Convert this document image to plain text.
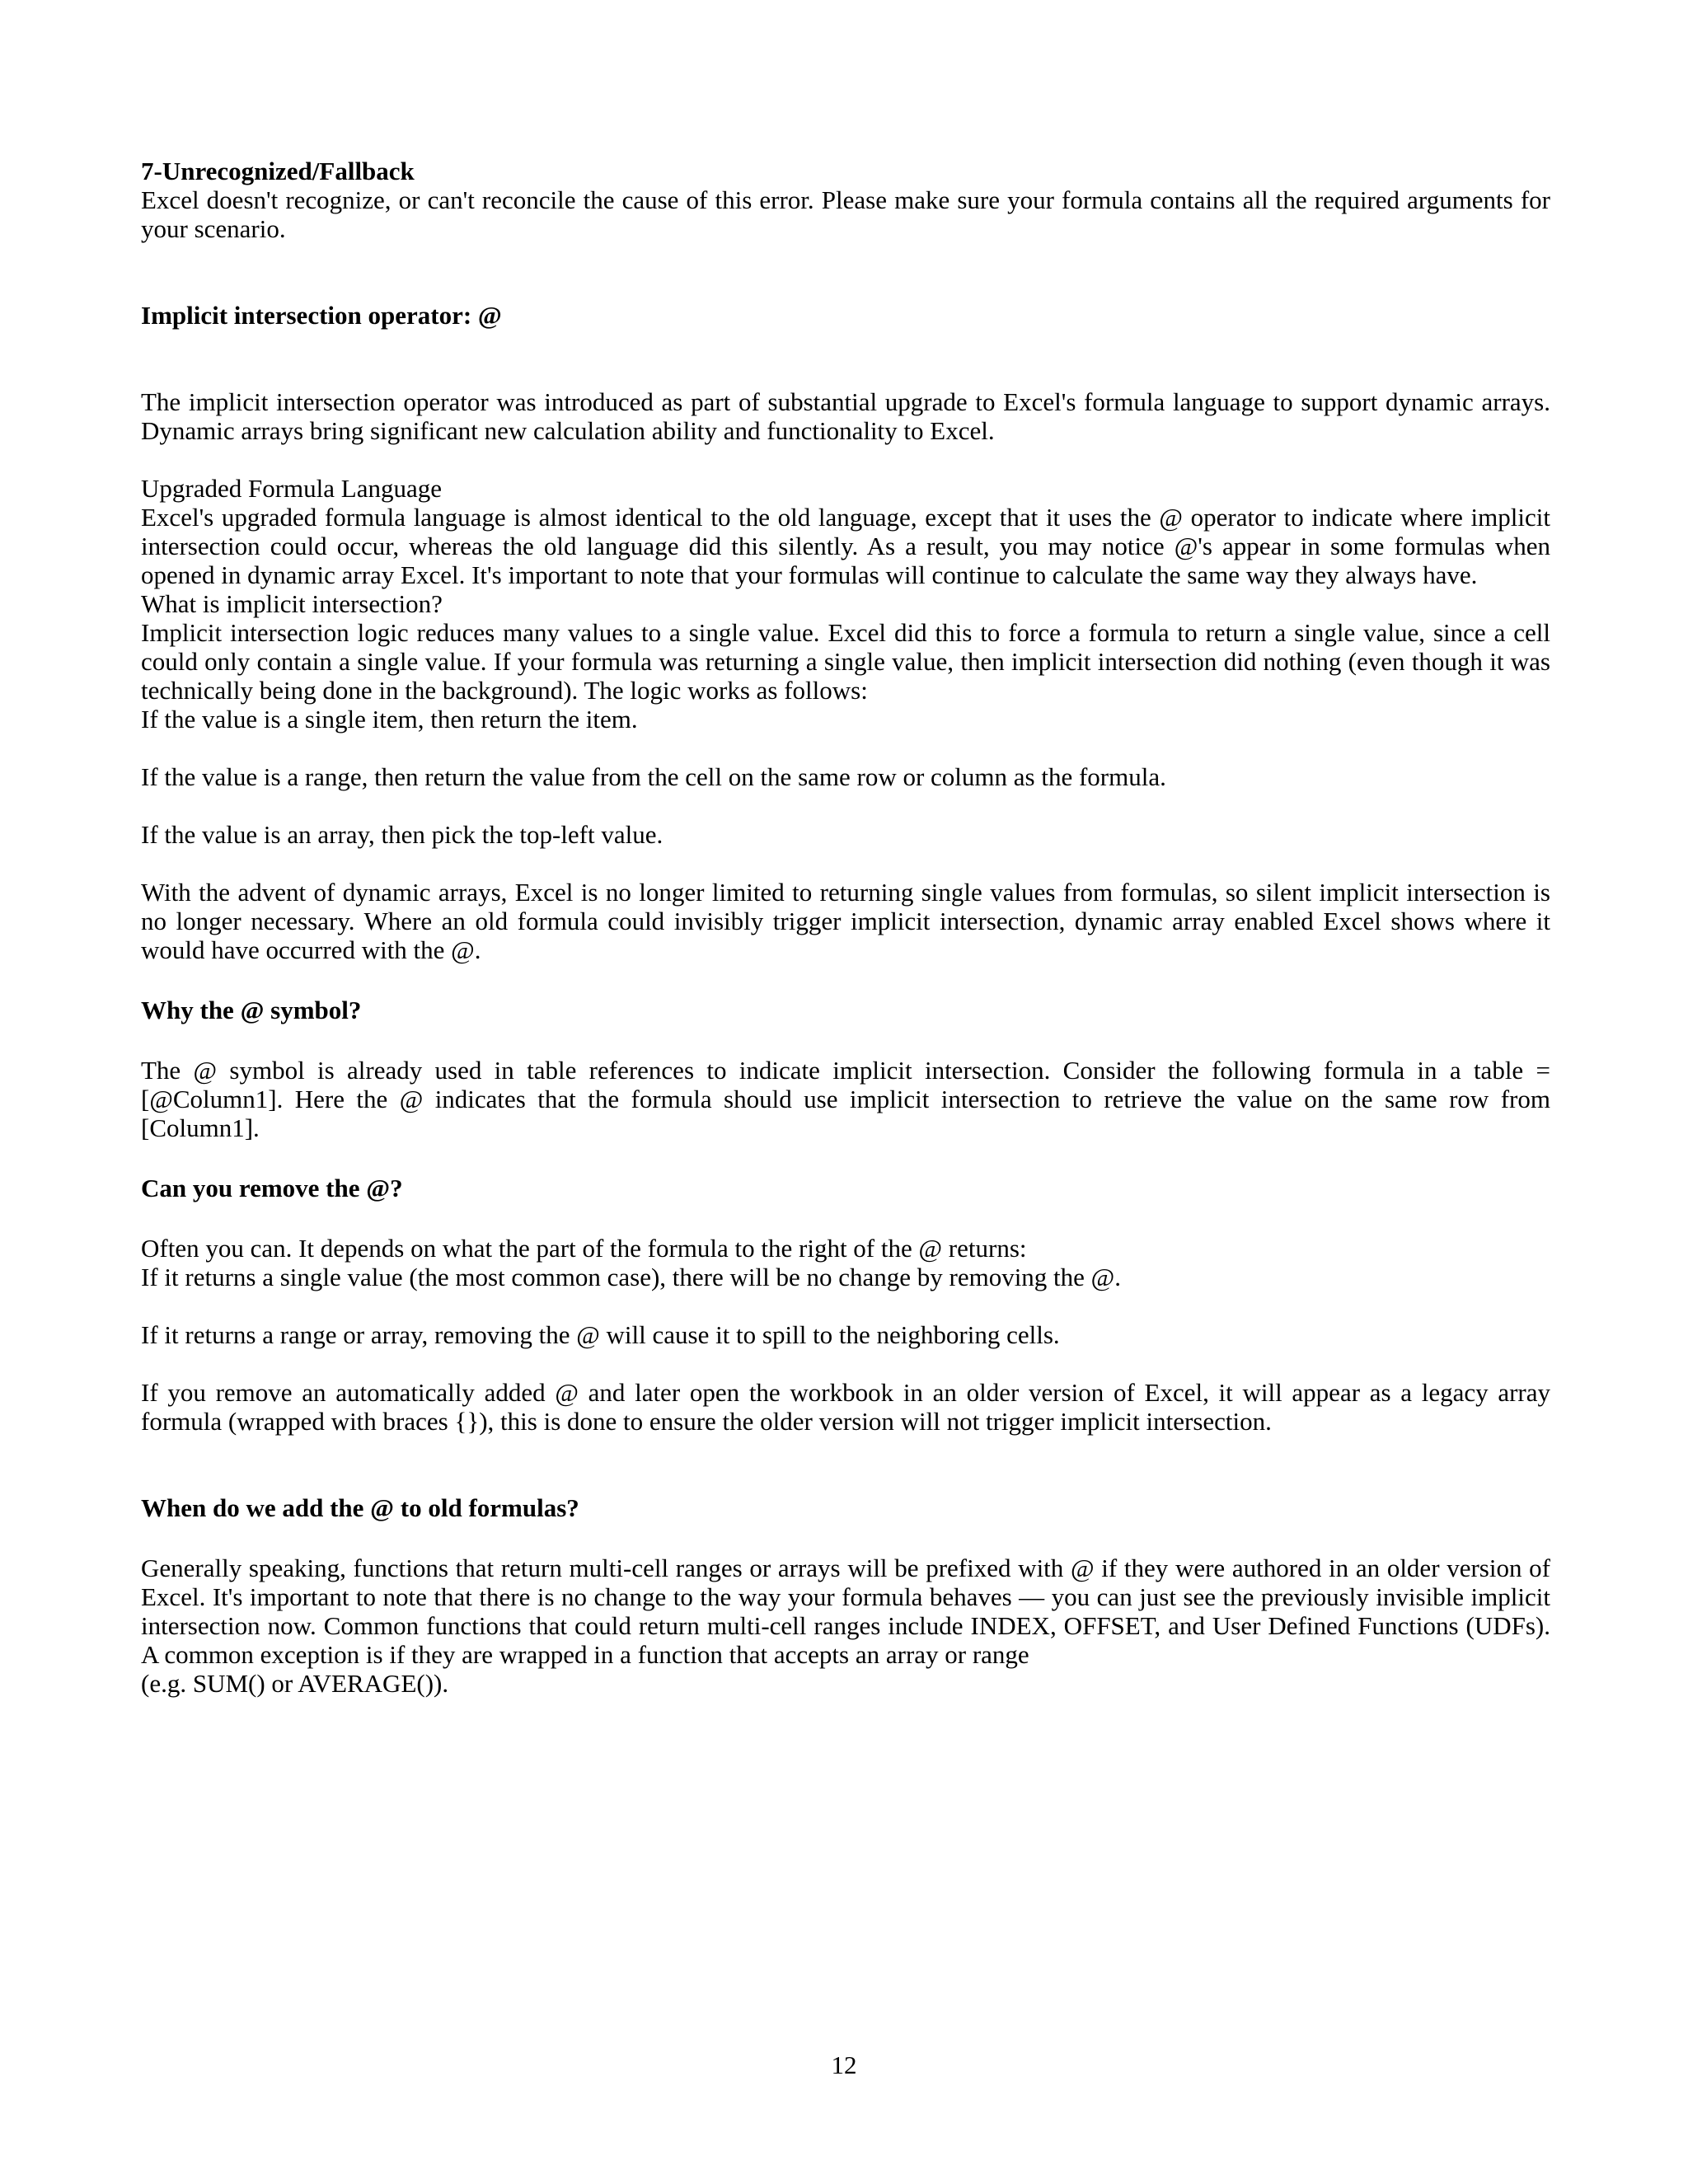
7-Unrecognized/Fallback

Excel doesn't recognize, or can't reconcile the cause of this error. Please make sure your formula contains all the required arguments for your scenario.

Implicit intersection operator: @

The implicit intersection operator was introduced as part of substantial upgrade to Excel's formula language to support dynamic arrays. Dynamic arrays bring significant new calculation ability and functionality to Excel.

Upgraded Formula Language

Excel's upgraded formula language is almost identical to the old language, except that it uses the @ operator to indicate where implicit intersection could occur, whereas the old language did this silently. As a result, you may notice @'s appear in some formulas when opened in dynamic array Excel. It's important to note that your formulas will continue to calculate the same way they always have.

What is implicit intersection?

Implicit intersection logic reduces many values to a single value. Excel did this to force a formula to return a single value, since a cell could only contain a single value. If your formula was returning a single value, then implicit intersection did nothing (even though it was technically being done in the background). The logic works as follows:

If the value is a single item, then return the item.

If the value is a range, then return the value from the cell on the same row or column as the formula.

If the value is an array, then pick the top-left value.

With the advent of dynamic arrays, Excel is no longer limited to returning single values from formulas, so silent implicit intersection is no longer necessary. Where an old formula could invisibly trigger implicit intersection, dynamic array enabled Excel shows where it would have occurred with the @.

Why the @ symbol?

The @ symbol is already used in table references to indicate implicit intersection. Consider the following formula in a table =[@Column1]. Here the @ indicates that the formula should use implicit intersection to retrieve the value on the same row from [Column1].

Can you remove the @?

Often you can. It depends on what the part of the formula to the right of the @ returns:

If it returns a single value (the most common case), there will be no change by removing the @.

If it returns a range or array, removing the @ will cause it to spill to the neighboring cells.

If you remove an automatically added @ and later open the workbook in an older version of Excel, it will appear as a legacy array formula (wrapped with braces {}), this is done to ensure the older version will not trigger implicit intersection.

When do we add the @ to old formulas?

Generally speaking, functions that return multi-cell ranges or arrays will be prefixed with @ if they were authored in an older version of Excel. It's important to note that there is no change to the way your formula behaves — you can just see the previously invisible implicit intersection now. Common functions that could return multi-cell ranges include INDEX, OFFSET, and User Defined Functions (UDFs). A common exception is if they are wrapped in a function that accepts an array or range

(e.g. SUM() or AVERAGE()).

12
